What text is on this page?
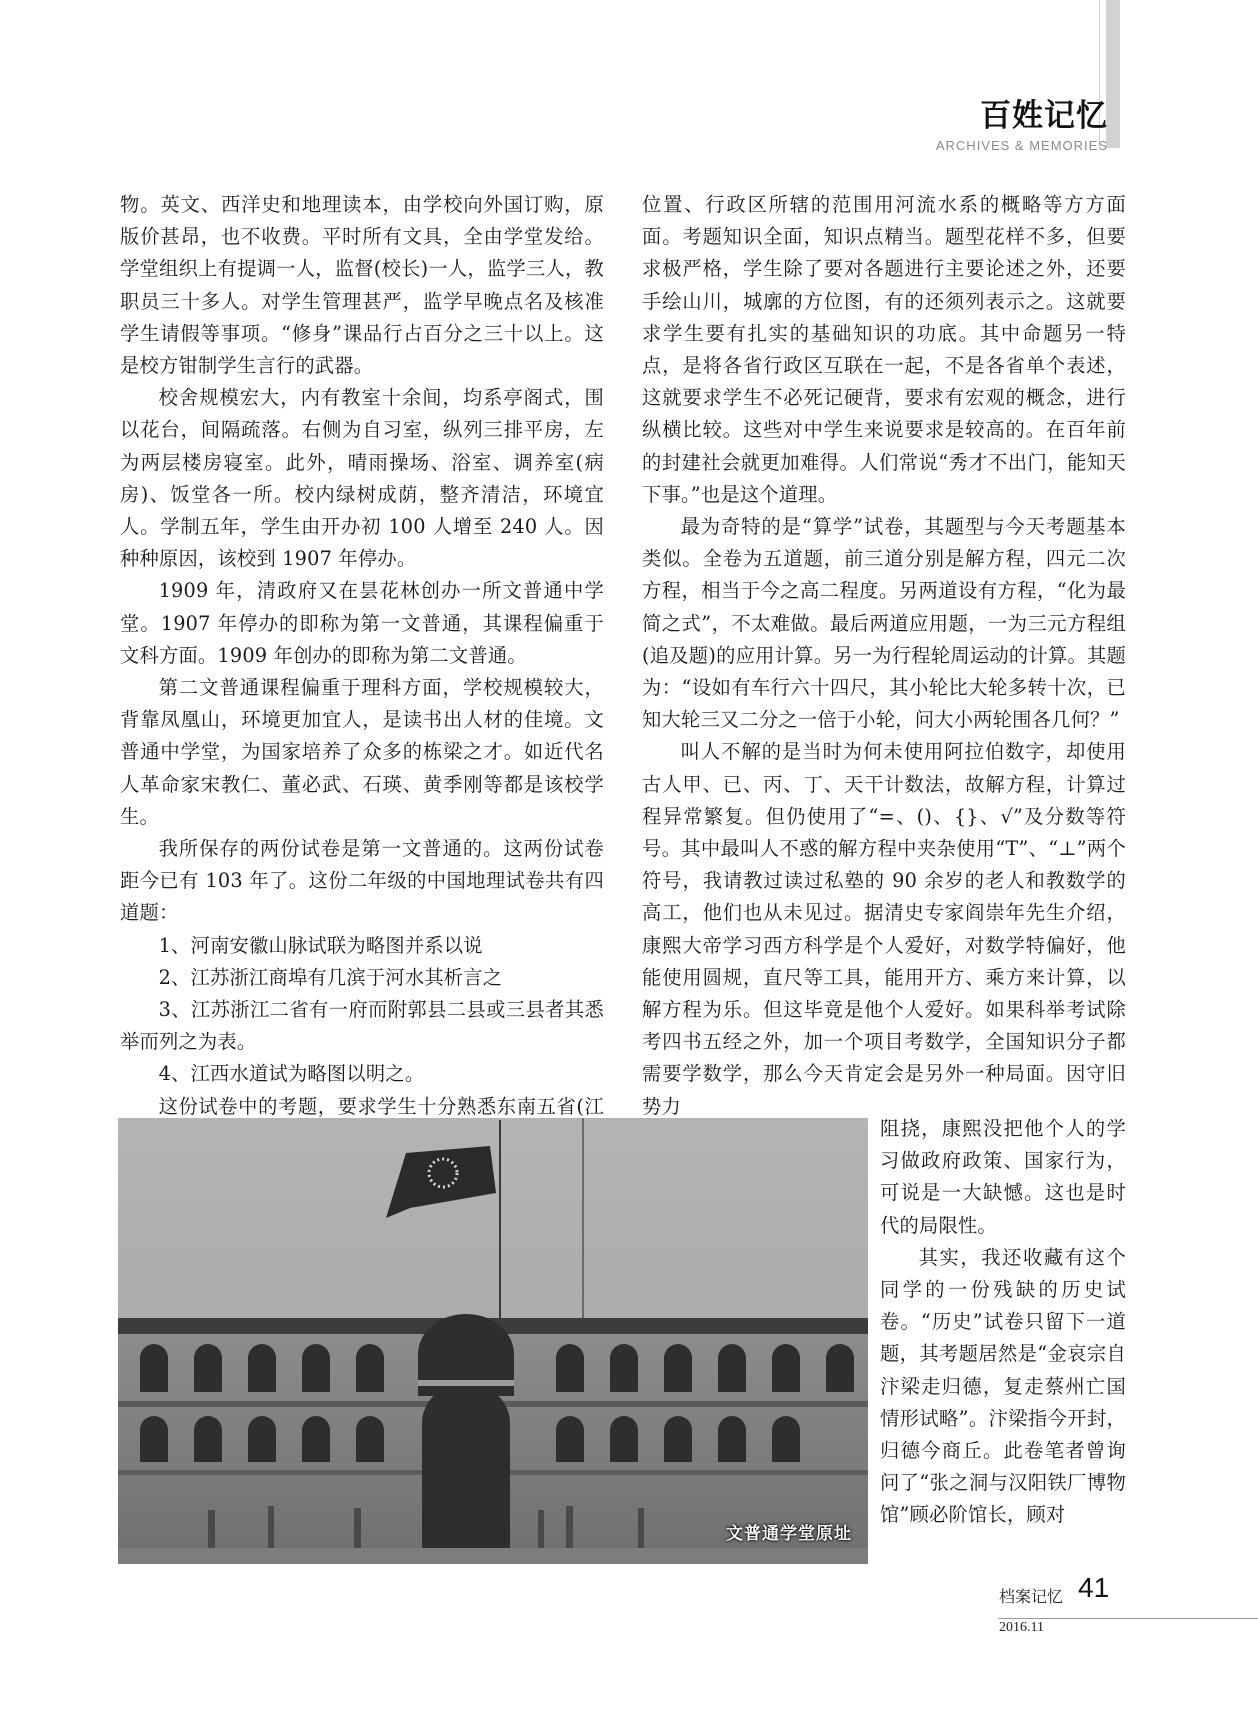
百姓记忆
ARCHIVES & MEMORIES

物。英文、西洋史和地理读本，由学校向外国订购，原版价甚昂，也不收费。平时所有文具，全由学堂发给。学堂组织上有提调一人，监督(校长)一人，监学三人，教职员三十多人。对学生管理甚严，监学早晚点名及核准学生请假等事项。“修身”课品行占百分之三十以上。这是校方钳制学生言行的武器。

校舍规模宏大，内有教室十余间，均系亭阁式，围以花台，间隔疏落。右侧为自习室，纵列三排平房，左为两层楼房寝室。此外，晴雨操场、浴室、调养室(病房)、饭堂各一所。校内绿树成荫，整齐清洁，环境宜人。学制五年，学生由开办初 100 人增至 240 人。因种种原因，该校到 1907 年停办。

1909 年，清政府又在昙花林创办一所文普通中学堂。1907 年停办的即称为第一文普通，其课程偏重于文科方面。1909 年创办的即称为第二文普通。

第二文普通课程偏重于理科方面，学校规模较大，背靠凤凰山，环境更加宜人，是读书出人材的佳境。文普通中学堂，为国家培养了众多的栋梁之才。如近代名人革命家宋教仁、董必武、石瑛、黄季刚等都是该校学生。

我所保存的两份试卷是第一文普通的。这两份试卷距今已有 103 年了。这份二年级的中国地理试卷共有四道题：

1、河南安徽山脉试联为略图并系以说

2、江苏浙江商埠有几滨于河水其析言之

3、江苏浙江二省有一府而附郭县二县或三县者其悉举而列之为表。

4、江西水道试为略图以明之。

这份试卷中的考题，要求学生十分熟悉东南五省(江

位置、行政区所辖的范围用河流水系的概略等方方面面。考题知识全面，知识点精当。题型花样不多，但要求极严格，学生除了要对各题进行主要论述之外，还要手绘山川，城廓的方位图，有的还须列表示之。这就要求学生要有扎实的基础知识的功底。其中命题另一特点，是将各省行政区互联在一起，不是各省单个表述，这就要求学生不必死记硬背，要求有宏观的概念，进行纵横比较。这些对中学生来说要求是较高的。在百年前的封建社会就更加难得。人们常说“秀才不出门，能知天下事。”也是这个道理。

最为奇特的是“算学”试卷，其题型与今天考题基本类似。全卷为五道题，前三道分别是解方程，四元二次方程，相当于今之高二程度。另两道设有方程，“化为最简之式”，不太难做。最后两道应用题，一为三元方程组(追及题)的应用计算。另一为行程轮周运动的计算。其题为：“设如有车行六十四尺，其小轮比大轮多转十次，已知大轮三又二分之一倍于小轮，问大小两轮围各几何？”

叫人不解的是当时为何未使用阿拉伯数字，却使用古人甲、已、丙、丁、天干计数法，故解方程，计算过程异常繁复。但仍使用了“=、()、{}、√”及分数等符号。其中最叫人不惑的解方程中夹杂使用“T”、“⊥”两个符号，我请教过读过私塾的 90 余岁的老人和教数学的高工，他们也从未见过。据清史专家阎崇年先生介绍，康熙大帝学习西方科学是个人爱好，对数学特偏好，他能使用圆规，直尺等工具，能用开方、乘方来计算，以解方程为乐。但这毕竟是他个人爱好。如果科举考试除考四书五经之外，加一个项目考数学，全国知识分子都需要学数学，那么今天肯定会是另外一种局面。因守旧势力

阻挠，康熙没把他个人的学习做政府政策、国家行为，可说是一大缺憾。这也是时代的局限性。

其实，我还收藏有这个同学的一份残缺的历史试卷。“历史”试卷只留下一道题，其考题居然是“金哀宗自汴梁走归德，复走蔡州亡国情形试略”。汴梁指今开封，归德今商丘。此卷笔者曾询问了“张之洞与汉阳铁厂博物馆”顾必阶馆长，顾对

文普通学堂原址
档案记忆 41
2016.11
